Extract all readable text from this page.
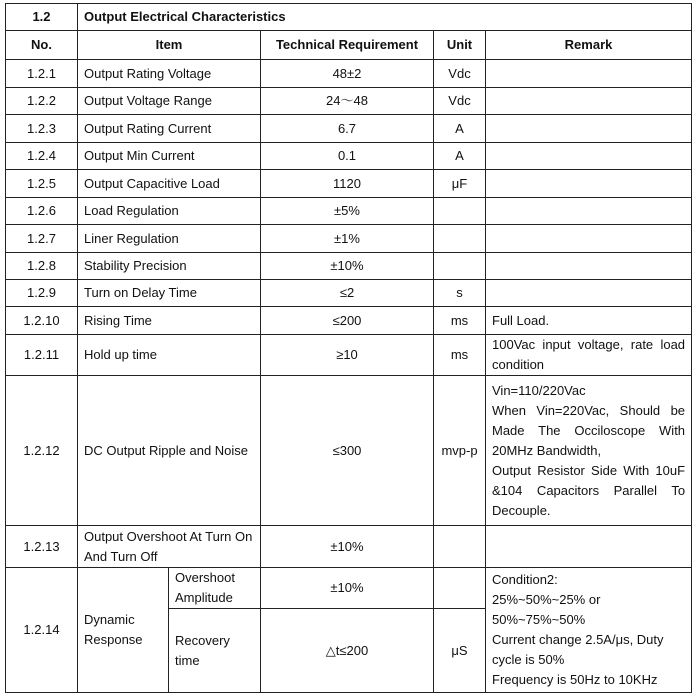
1.2	Output Electrical Characteristics				
No.	Item		Technical Requirement	Unit	Remark
1.2.1	Output Rating Voltage		48±2	Vdc	
1.2.2	Output Voltage Range		24～48	Vdc	
1.2.3	Output Rating Current		6.7	A	
1.2.4	Output Min Current		0.1	A	
1.2.5	Output Capacitive Load		1120	μF	
1.2.6	Load Regulation		±5%		
1.2.7	Liner Regulation		±1%		
1.2.8	Stability Precision		±10%		
1.2.9	Turn on Delay Time		≤2	s	
1.2.10	Rising Time		≤200	ms	Full Load.
1.2.11	Hold up time		≥10	ms	100Vac input voltage, rate load condition
1.2.12	DC Output Ripple and Noise		≤300	mvp-p	Vin=110/220Vac
When Vin=220Vac, Should be Made The Occiloscope With 20MHz Bandwidth,
Output Resistor Side With 10uF &104 Capacitors Parallel To Decouple.
1.2.13	Output Overshoot At Turn On And Turn Off		±10%		
1.2.14	Dynamic Response	Overshoot Amplitude	±10%		Condition2:
25%~50%~25% or
50%~75%~50%
Current change 2.5A/μs, Duty cycle is 50%
Frequency is 50Hz to 10KHz
		Recovery time	△t≤200	μS	
